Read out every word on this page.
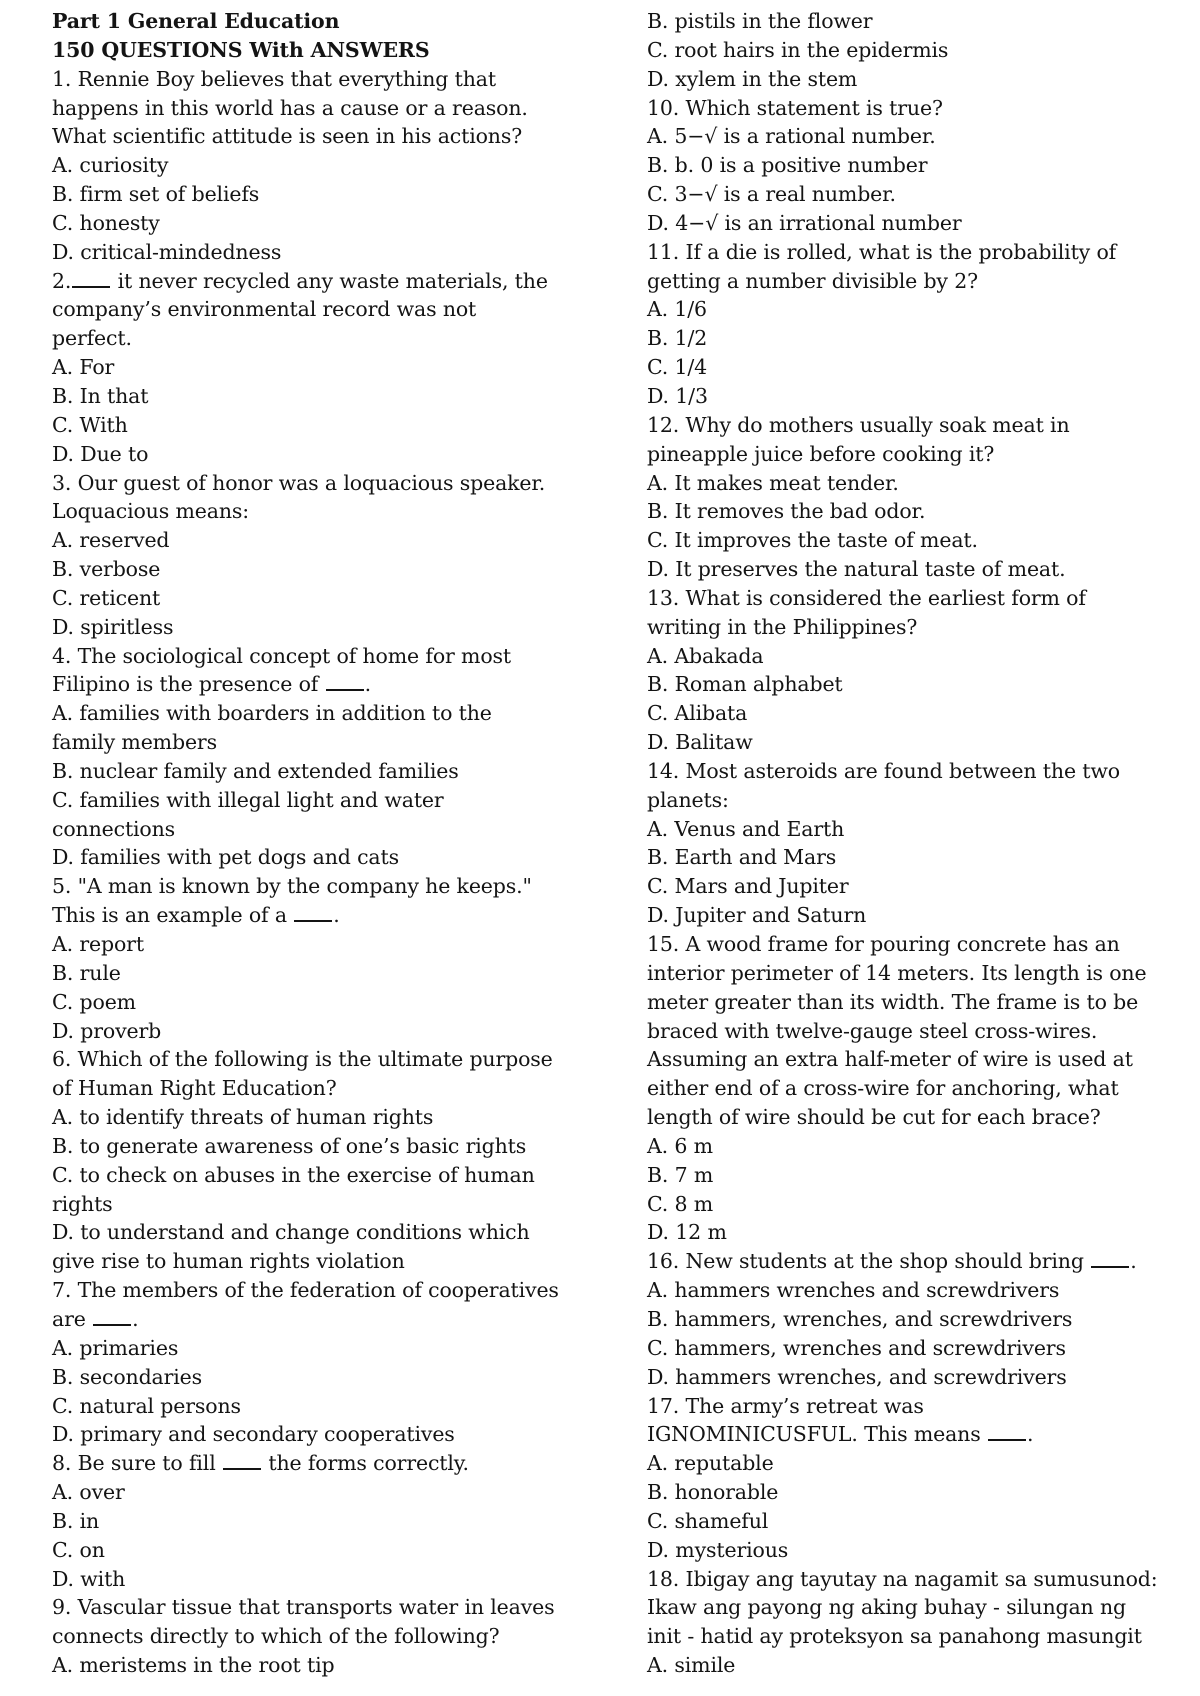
Part 1 General Education
150 QUESTIONS With ANSWERS
1. Rennie Boy believes that everything that
happens in this world has a cause or a reason.
What scientific attitude is seen in his actions?
A. curiosity
B. firm set of beliefs
C. honesty
D. critical-mindedness
2. it never recycled any waste materials, the
company’s environmental record was not
perfect.
A. For
B. In that
C. With
D. Due to
3. Our guest of honor was a loquacious speaker.
Loquacious means:
A. reserved
B. verbose
C. reticent
D. spiritless
4. The sociological concept of home for most
Filipino is the presence of .
A. families with boarders in addition to the
family members
B. nuclear family and extended families
C. families with illegal light and water
connections
D. families with pet dogs and cats
5. "A man is known by the company he keeps."
This is an example of a .
A. report
B. rule
C. poem
D. proverb
6. Which of the following is the ultimate purpose
of Human Right Education?
A. to identify threats of human rights
B. to generate awareness of one’s basic rights
C. to check on abuses in the exercise of human
rights
D. to understand and change conditions which
give rise to human rights violation
7. The members of the federation of cooperatives
are .
A. primaries
B. secondaries
C. natural persons
D. primary and secondary cooperatives
8. Be sure to fill  the forms correctly.
A. over
B. in
C. on
D. with
9. Vascular tissue that transports water in leaves
connects directly to which of the following?
A. meristems in the root tip
B. pistils in the flower
C. root hairs in the epidermis
D. xylem in the stem
10. Which statement is true?
A. 5−√ is a rational number.
B. b. 0 is a positive number
C. 3−√ is a real number.
D. 4−√ is an irrational number
11. If a die is rolled, what is the probability of
getting a number divisible by 2?
A. 1/6
B. 1/2
C. 1/4
D. 1/3
12. Why do mothers usually soak meat in
pineapple juice before cooking it?
A. It makes meat tender.
B. It removes the bad odor.
C. It improves the taste of meat.
D. It preserves the natural taste of meat.
13. What is considered the earliest form of
writing in the Philippines?
A. Abakada
B. Roman alphabet
C. Alibata
D. Balitaw
14. Most asteroids are found between the two
planets:
A. Venus and Earth
B. Earth and Mars
C. Mars and Jupiter
D. Jupiter and Saturn
15. A wood frame for pouring concrete has an
interior perimeter of 14 meters. Its length is one
meter greater than its width. The frame is to be
braced with twelve-gauge steel cross-wires.
Assuming an extra half-meter of wire is used at
either end of a cross-wire for anchoring, what
length of wire should be cut for each brace?
A. 6 m
B. 7 m
C. 8 m
D. 12 m
16. New students at the shop should bring .
A. hammers wrenches and screwdrivers
B. hammers, wrenches, and screwdrivers
C. hammers, wrenches and screwdrivers
D. hammers wrenches, and screwdrivers
17. The army’s retreat was
IGNOMINICUSFUL. This means .
A. reputable
B. honorable
C. shameful
D. mysterious
18. Ibigay ang tayutay na nagamit sa sumusunod:
Ikaw ang payong ng aking buhay - silungan ng
init - hatid ay proteksyon sa panahong masungit
A. simile
